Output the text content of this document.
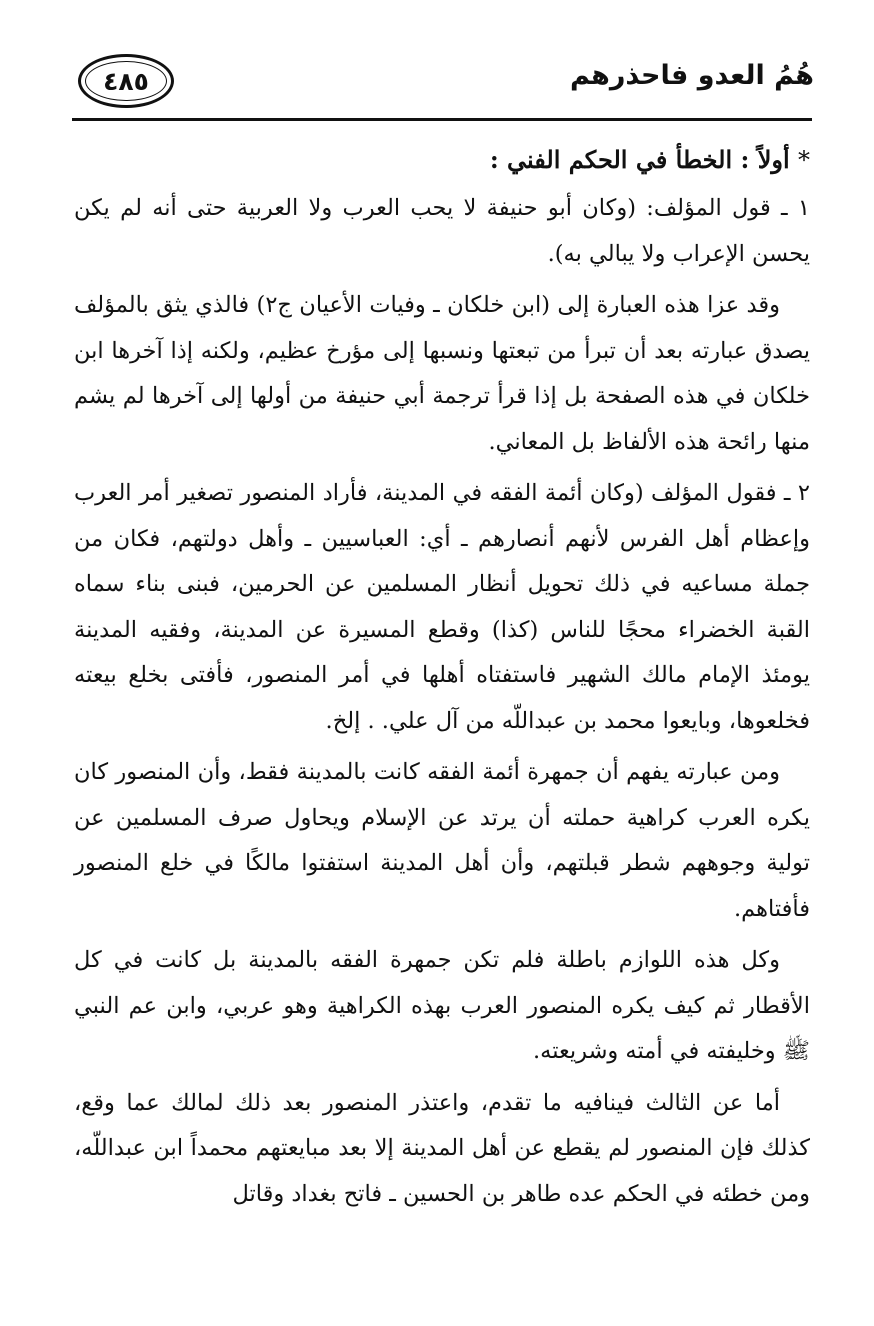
هُمُ العدو فاحذرهم
٤٨٥
* أولاً : الخطأ في الحكم الفني :

١ ـ قول المؤلف: (وكان أبو حنيفة لا يحب العرب ولا العربية حتى أنه لم يكن يحسن الإعراب ولا يبالي به).

وقد عزا هذه العبارة إلى (ابن خلكان ـ وفيات الأعيان ج٢) فالذي يثق بالمؤلف يصدق عبارته بعد أن تبرأ من تبعتها ونسبها إلى مؤرخ عظيم، ولكنه إذا آخرها ابن خلكان في هذه الصفحة بل إذا قرأ ترجمة أبي حنيفة من أولها إلى آخرها لم يشم منها رائحة هذه الألفاظ بل المعاني.

٢ ـ فقول المؤلف (وكان أئمة الفقه في المدينة، فأراد المنصور تصغير أمر العرب وإعظام أهل الفرس لأنهم أنصارهم ـ أي: العباسيين ـ وأهل دولتهم، فكان من جملة مساعيه في ذلك تحويل أنظار المسلمين عن الحرمين، فبنى بناء سماه القبة الخضراء محجًا للناس (كذا) وقطع المسيرة عن المدينة، وفقيه المدينة يومئذ الإمام مالك الشهير فاستفتاه أهلها في أمر المنصور، فأفتى بخلع بيعته فخلعوها، وبايعوا محمد بن عبداللّه من آل علي. . إلخ.

ومن عبارته يفهم أن جمهرة أئمة الفقه كانت بالمدينة فقط، وأن المنصور كان يكره العرب كراهية حملته أن يرتد عن الإسلام ويحاول صرف المسلمين عن تولية وجوههم شطر قبلتهم، وأن أهل المدينة استفتوا مالكًا في خلع المنصور فأفتاهم.

وكل هذه اللوازم باطلة فلم تكن جمهرة الفقه بالمدينة بل كانت في كل الأقطار ثم كيف يكره المنصور العرب بهذه الكراهية وهو عربي، وابن عم النبي ﷺ وخليفته في أمته وشريعته.

أما عن الثالث فينافيه ما تقدم، واعتذر المنصور بعد ذلك لمالك عما وقع، كذلك فإن المنصور لم يقطع عن أهل المدينة إلا بعد مبايعتهم محمداً ابن عبداللّه، ومن خطئه في الحكم عده طاهر بن الحسين ـ فاتح بغداد وقاتل
